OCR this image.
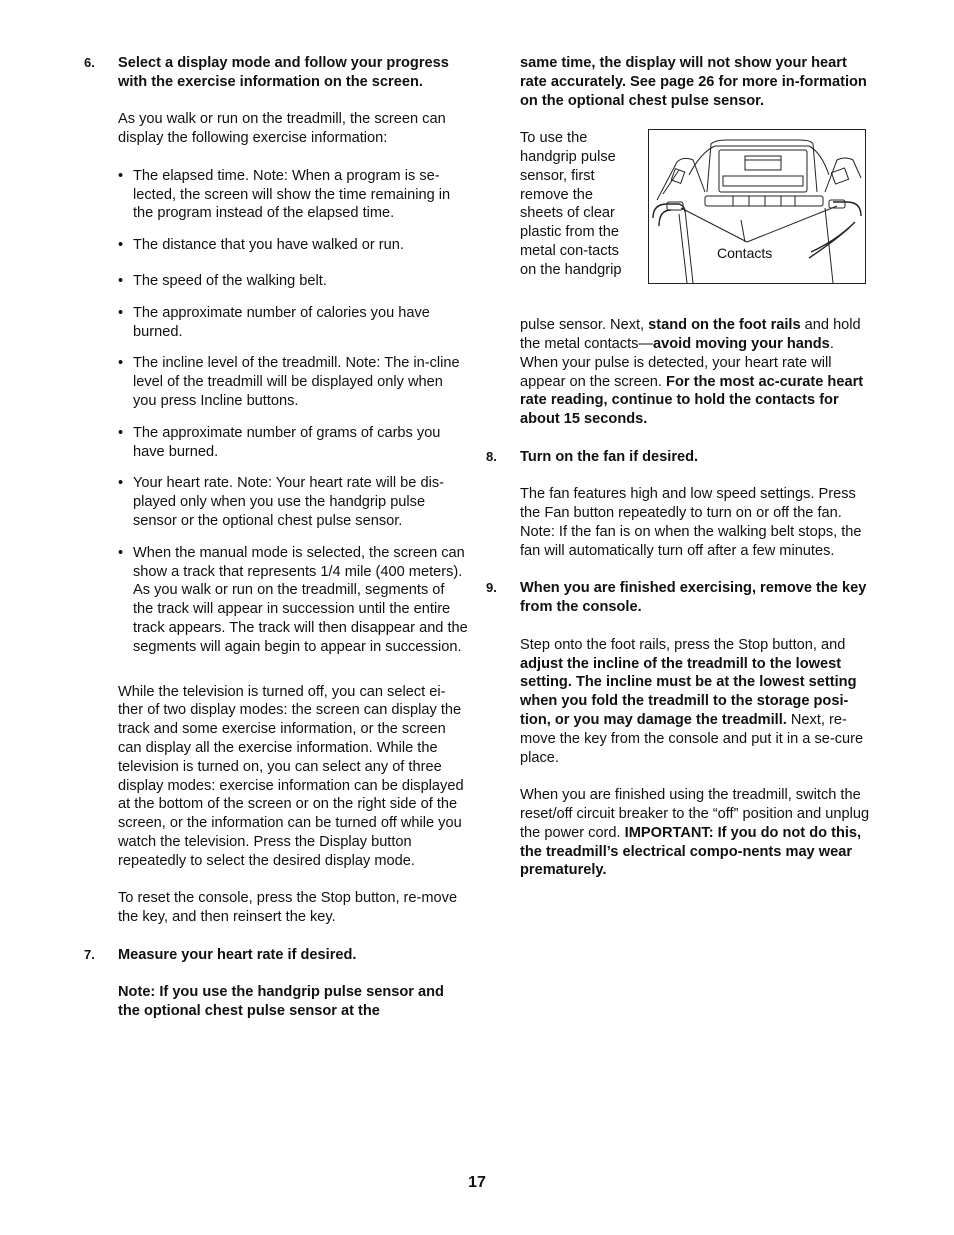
6.	Select a display mode and follow your progress with the exercise information on the screen.

As you walk or run on the treadmill, the screen can display the following exercise information:

• The elapsed time. Note: When a program is se-lected, the screen will show the time remaining in the program instead of the elapsed time.
• The distance that you have walked or run.
• The speed of the walking belt.
• The approximate number of calories you have burned.
• The incline level of the treadmill. Note: The in-cline level of the treadmill will be displayed only when you press Incline buttons.
• The approximate number of grams of carbs you have burned.
• Your heart rate. Note: Your heart rate will be dis-played only when you use the handgrip pulse sensor or the optional chest pulse sensor.
• When the manual mode is selected, the screen can show a track that represents 1/4 mile (400 meters). As you walk or run on the treadmill, segments of the track will appear in succession until the entire track appears. The track will then disappear and the segments will again begin to appear in succession.

While the television is turned off, you can select ei-ther of two display modes: the screen can display the track and some exercise information, or the screen can display all the exercise information. While the television is turned on, you can select any of three display modes: exercise information can be displayed at the bottom of the screen or on the right side of the screen, or the information can be turned off while you watch the television. Press the Display button repeatedly to select the desired display mode.

To reset the console, press the Stop button, re-move the key, and then reinsert the key.

7.	Measure your heart rate if desired.

Note: If you use the handgrip pulse sensor and the optional chest pulse sensor at the

same time, the display will not show your heart rate accurately. See page 26 for more in-formation on the optional chest pulse sensor.

To use the handgrip pulse sensor, first remove the sheets of clear plastic from the metal con-tacts on the handgrip

Contacts

pulse sensor. Next, stand on the foot rails and hold the metal contacts—avoid moving your hands. When your pulse is detected, your heart rate will appear on the screen. For the most ac-curate heart rate reading, continue to hold the contacts for about 15 seconds.

8.	Turn on the fan if desired.

The fan features high and low speed settings. Press the Fan button repeatedly to turn on or off the fan. Note: If the fan is on when the walking belt stops, the fan will automatically turn off after a few minutes.

9.	When you are finished exercising, remove the key from the console.

Step onto the foot rails, press the Stop button, and adjust the incline of the treadmill to the lowest setting. The incline must be at the lowest setting when you fold the treadmill to the storage posi-tion, or you may damage the treadmill. Next, re-move the key from the console and put it in a se-cure place.

When you are finished using the treadmill, switch the reset/off circuit breaker to the “off” position and unplug the power cord. IMPORTANT: If you do not do this, the treadmill’s electrical compo-nents may wear prematurely.

17
